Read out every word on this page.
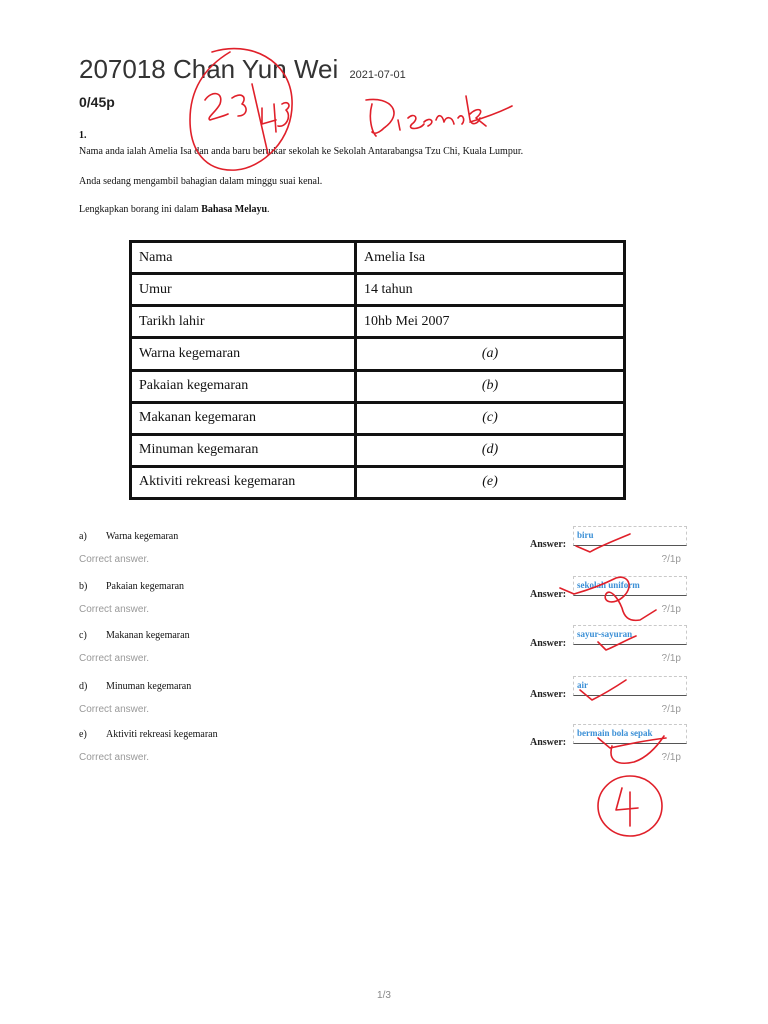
207018 Chan Yun Wei 2021-07-01
0/45p
1.
Nama anda ialah Amelia Isa dan anda baru bertukar sekolah ke Sekolah Antarabangsa Tzu Chi, Kuala Lumpur.
Anda sedang mengambil bahagian dalam minggu suai kenal.
Lengkapkan borang ini dalam Bahasa Melayu.
Nama	Amelia Isa
Umur	14 tahun
Tarikh lahir	10hb Mei 2007
Warna kegemaran	(a)
Pakaian kegemaran	(b)
Makanan kegemaran	(c)
Minuman kegemaran	(d)
Aktiviti rekreasi kegemaran	(e)
a) Warna kegemaran
Answer:
biru
Correct answer.	?/1p
b) Pakaian kegemaran
Answer:
sekolah uniform
Correct answer.	?/1p
c) Makanan kegemaran
Answer:
sayur-sayuran
Correct answer.	?/1p
d) Minuman kegemaran
Answer:
air
Correct answer.	?/1p
e) Aktiviti rekreasi kegemaran
Answer:
bermain bola sepak
Correct answer.	?/1p
1/3
